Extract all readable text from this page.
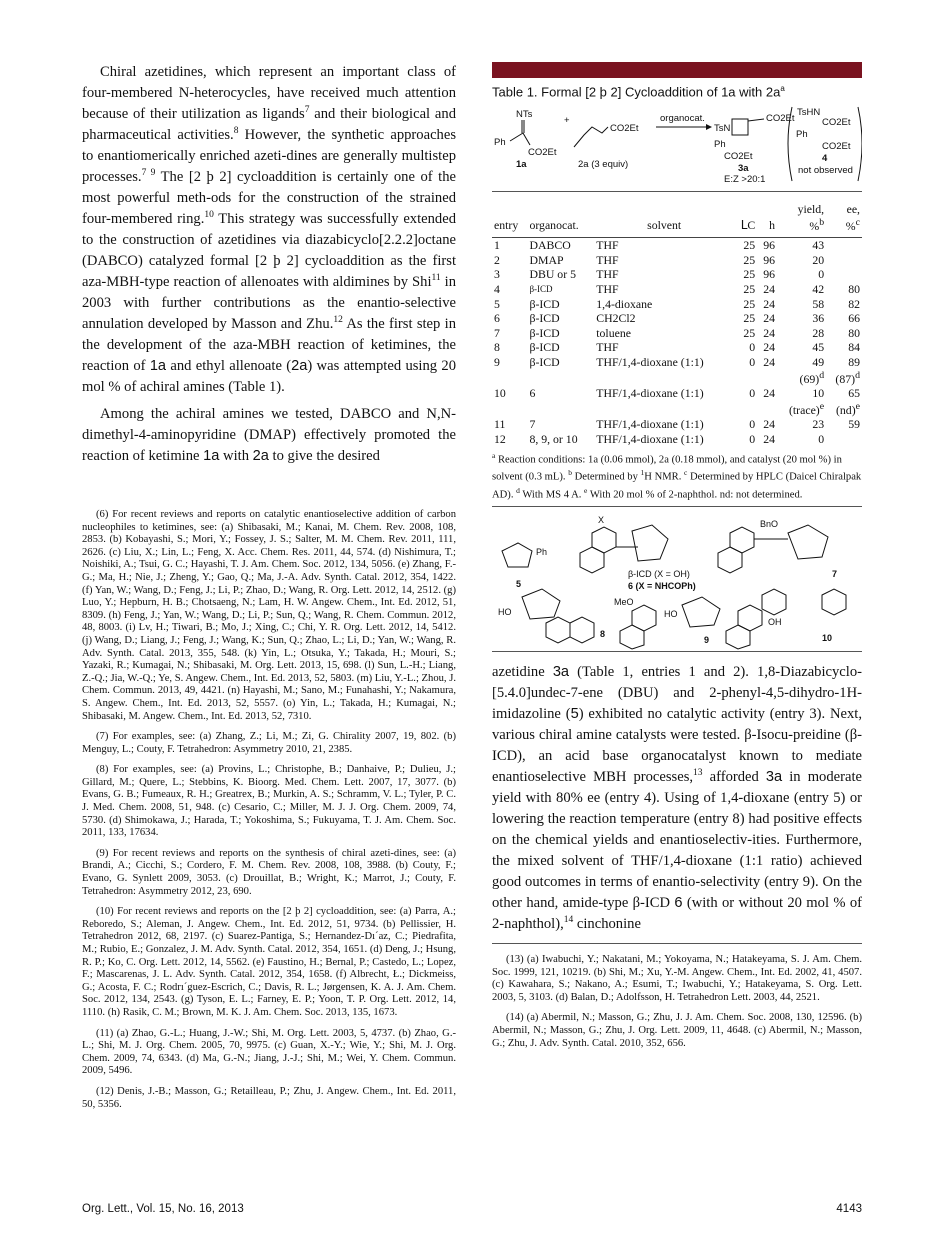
Chiral azetidines, which represent an important class of four-membered N-heterocycles, have received much attention because of their utilization as ligands$^7$ and their biological and pharmaceutical activities.$^8$ However, the synthetic approaches to enantiomerically enriched azeti-dines are generally multistep processes.$^{7 9}$ The [2 þ 2] cycloaddition is certainly one of the most powerful meth-ods for the construction of the strained four-membered ring.$^{10}$ This strategy was successfully extended to the construction of azetidines via diazabicyclo[2.2.2]octane (DABCO) catalyzed formal [2 þ 2] cycloaddition as the first aza-MBH-type reaction of allenoates with aldimines by Shi$^{11}$ in 2003 with further contributions as the enantio-selective annulation developed by Masson and Zhu.$^{12}$ As the first step in the development of the aza-MBH reaction of ketimines, the reaction of 1a and ethyl allenoate (2a) was attempted using 20 mol % of achiral amines (Table 1).

Among the achiral amines we tested, DABCO and N,N-dimethyl-4-aminopyridine (DMAP) effectively promoted the reaction of ketimine 1a with 2a to give the desired

(6) For recent reviews and reports on catalytic enantioselective addition of carbon nucleophiles to ketimines, see: (a) Shibasaki, M.; Kanai, M. Chem. Rev. 2008, 108, 2853. (b) Kobayashi, S.; Mori, Y.; Fossey, J. S.; Salter, M. M. Chem. Rev. 2011, 111, 2626. (c) Liu, X.; Lin, L.; Feng, X. Acc. Chem. Res. 2011, 44, 574. (d) Nishimura, T.; Noishiki, A.; Tsui, G. C.; Hayashi, T. J. Am. Chem. Soc. 2012, 134, 5056. (e) Zhang, F.-G.; Ma, H.; Nie, J.; Zheng, Y.; Gao, Q.; Ma, J.-A. Adv. Synth. Catal. 2012, 354, 1422. (f) Yan, W.; Wang, D.; Feng, J.; Li, P.; Zhao, D.; Wang, R. Org. Lett. 2012, 14, 2512. (g) Luo, Y.; Hepburn, H. B.; Chotsaeng, N.; Lam, H. W. Angew. Chem., Int. Ed. 2012, 51, 8309. (h) Feng, J.; Yan, W.; Wang, D.; Li, P.; Sun, Q.; Wang, R. Chem. Commun. 2012, 48, 8003. (i) Lv, H.; Tiwari, B.; Mo, J.; Xing, C.; Chi, Y. R. Org. Lett. 2012, 14, 5412. (j) Wang, D.; Liang, J.; Feng, J.; Wang, K.; Sun, Q.; Zhao, L.; Li, D.; Yan, W.; Wang, R. Adv. Synth. Catal. 2013, 355, 548. (k) Yin, L.; Otsuka, Y.; Takada, H.; Mouri, S.; Yazaki, R.; Kumagai, N.; Shibasaki, M. Org. Lett. 2013, 15, 698. (l) Sun, L.-H.; Liang, Z.-Q.; Jia, W.-Q.; Ye, S. Angew. Chem., Int. Ed. 2013, 52, 5803. (m) Liu, Y.-L.; Zhou, J. Chem. Commun. 2013, 49, 4421. (n) Hayashi, M.; Sano, M.; Funahashi, Y.; Nakamura, S. Angew. Chem., Int. Ed. 2013, 52, 5557. (o) Yin, L.; Takada, H.; Kumagai, N.; Shibasaki, M. Angew. Chem., Int. Ed. 2013, 52, 7310.

(7) For examples, see: (a) Zhang, Z.; Li, M.; Zi, G. Chirality 2007, 19, 802. (b) Menguy, L.; Couty, F. Tetrahedron: Asymmetry 2010, 21, 2385.

(8) For examples, see: (a) Provins, L.; Christophe, B.; Danhaive, P.; Dulieu, J.; Gillard, M.; Quere, L.; Stebbins, K. Bioorg. Med. Chem. Lett. 2007, 17, 3077. (b) Evans, G. B.; Fumeaux, R. H.; Greatrex, B.; Murkin, A. S.; Schramm, V. L.; Tyler, P. C. J. Med. Chem. 2008, 51, 948. (c) Cesario, C.; Miller, M. J. J. Org. Chem. 2009, 74, 5730. (d) Shimokawa, J.; Harada, T.; Yokoshima, S.; Fukuyama, T. J. Am. Chem. Soc. 2011, 133, 17634.

(9) For recent reviews and reports on the synthesis of chiral azeti-dines, see: (a) Brandi, A.; Cicchi, S.; Cordero, F. M. Chem. Rev. 2008, 108, 3988. (b) Couty, F.; Evano, G. Synlett 2009, 3053. (c) Drouillat, B.; Wright, K.; Marrot, J.; Couty, F. Tetrahedron: Asymmetry 2012, 23, 690.

(10) For recent reviews and reports on the [2 þ 2] cycloaddition, see: (a) Parra, A.; Reboredo, S.; Aleman, J. Angew. Chem., Int. Ed. 2012, 51, 9734. (b) Pellissier, H. Tetrahedron 2012, 68, 2197. (c) Suarez-Pantiga, S.; Hernandez-Dı´az, C.; Piedrafita, M.; Rubio, E.; Gonzalez, J. M. Adv. Synth. Catal. 2012, 354, 1651. (d) Deng, J.; Hsung, R. P.; Ko, C. Org. Lett. 2012, 14, 5562. (e) Faustino, H.; Bernal, P.; Castedo, L.; Lopez, F.; Mascarenas, J. L. Adv. Synth. Catal. 2012, 354, 1658. (f) Albrecht, Ł.; Dickmeiss, G.; Acosta, F. C.; Rodrı´guez-Escrich, C.; Davis, R. L.; Jørgensen, K. A. J. Am. Chem. Soc. 2012, 134, 2543. (g) Tyson, E. L.; Farney, E. P.; Yoon, T. P. Org. Lett. 2012, 14, 1110. (h) Rasik, C. M.; Brown, M. K. J. Am. Chem. Soc. 2013, 135, 1673.

(11) (a) Zhao, G.-L.; Huang, J.-W.; Shi, M. Org. Lett. 2003, 5, 4737. (b) Zhao, G.-L.; Shi, M. J. Org. Chem. 2005, 70, 9975. (c) Guan, X.-Y.; Wie, Y.; Shi, M. J. Org. Chem. 2009, 74, 6343. (d) Ma, G.-N.; Jiang, J.-J.; Shi, M.; Wei, Y. Chem. Commun. 2009, 5496.

(12) Denis, J.-B.; Masson, G.; Retailleau, P.; Zhu, J. Angew. Chem., Int. Ed. 2011, 50, 5356.

Table 1. Formal [2 þ 2] Cycloaddition of 1a with $2a^a$
NTs
Ph
CO2Et
1a
+
CO2Et
2a (3 equiv)
organocat.
TsN
CO2Et
Ph
CO2Et
3a
E:Z >20:1
TsHN
CO2Et
Ph
CO2Et
4
not observed
					yield,	ee,
entry	organocat.	solvent	ꓡC	h	%$^b$	%$^c$
1	DABCO	THF	25	96	43	
2	DMAP	THF	25	96	20	
3	DBU or 5	THF	25	96	0	
4	β-ICD	THF	25	24	42	80
5	β-ICD	1,4-dioxane	25	24	58	82
6	β-ICD	CH2Cl2	25	24	36	66
7	β-ICD	toluene	25	24	28	80
8	β-ICD	THF	0	24	45	84
9	β-ICD	THF/1,4-dioxane (1:1)	0	24	49	89
					$(69)^d$	$(87)^d$
10	6	THF/1,4-dioxane (1:1)	0	24	10	65
					(trace)$^e$	(nd)$^e$
11	7	THF/1,4-dioxane (1:1)	0	24	23	59
12	8, 9, or 10	THF/1,4-dioxane (1:1)	0	24	0	
$^a$ Reaction conditions: 1a (0.06 mmol), 2a (0.18 mmol), and catalyst (20 mol %) in solvent (0.3 mL). $^b$ Determined by $^1$H NMR. $^c$ Determined by HPLC (Daicel Chiralpak AD). $^d$ With MS 4 A. $^e$ With 20 mol % of 2-naphthol. nd: not determined.
Ph
5
X
β-ICD (X = OH)
6 (X = NHCOPh)
BnO
7
HO
8
MeO
HO
9
OH
10

azetidine 3a (Table 1, entries 1 and 2). 1,8-Diazabicyclo-[5.4.0]undec-7-ene (DBU) and 2-phenyl-4,5-dihydro-1H-imidazoline (5) exhibited no catalytic activity (entry 3). Next, various chiral amine catalysts were tested. β-Isocu-preidine (β-ICD), an acid base organocatalyst known to mediate enantioselective MBH processes,$^{13}$ afforded 3a in moderate yield with 80% ee (entry 4). Using of 1,4-dioxane (entry 5) or lowering the reaction temperature (entry 8) had positive effects on the chemical yields and enantioselectiv-ities. Furthermore, the mixed solvent of THF/1,4-dioxane (1:1 ratio) achieved good outcomes in terms of enantio-selectivity (entry 9). On the other hand, amide-type β-ICD 6 (with or without 20 mol % of 2-naphthol),$^{14}$ cinchonine

(13) (a) Iwabuchi, Y.; Nakatani, M.; Yokoyama, N.; Hatakeyama, S. J. Am. Chem. Soc. 1999, 121, 10219. (b) Shi, M.; Xu, Y.-M. Angew. Chem., Int. Ed. 2002, 41, 4507. (c) Kawahara, S.; Nakano, A.; Esumi, T.; Iwabuchi, Y.; Hatakeyama, S. Org. Lett. 2003, 5, 3103. (d) Balan, D.; Adolfsson, H. Tetrahedron Lett. 2003, 44, 2521.

(14) (a) Abermil, N.; Masson, G.; Zhu, J. J. Am. Chem. Soc. 2008, 130, 12596. (b) Abermil, N.; Masson, G.; Zhu, J. Org. Lett. 2009, 11, 4648. (c) Abermil, N.; Masson, G.; Zhu, J. Adv. Synth. Catal. 2010, 352, 656.

Org. Lett., Vol. 15, No. 16, 2013	4143
